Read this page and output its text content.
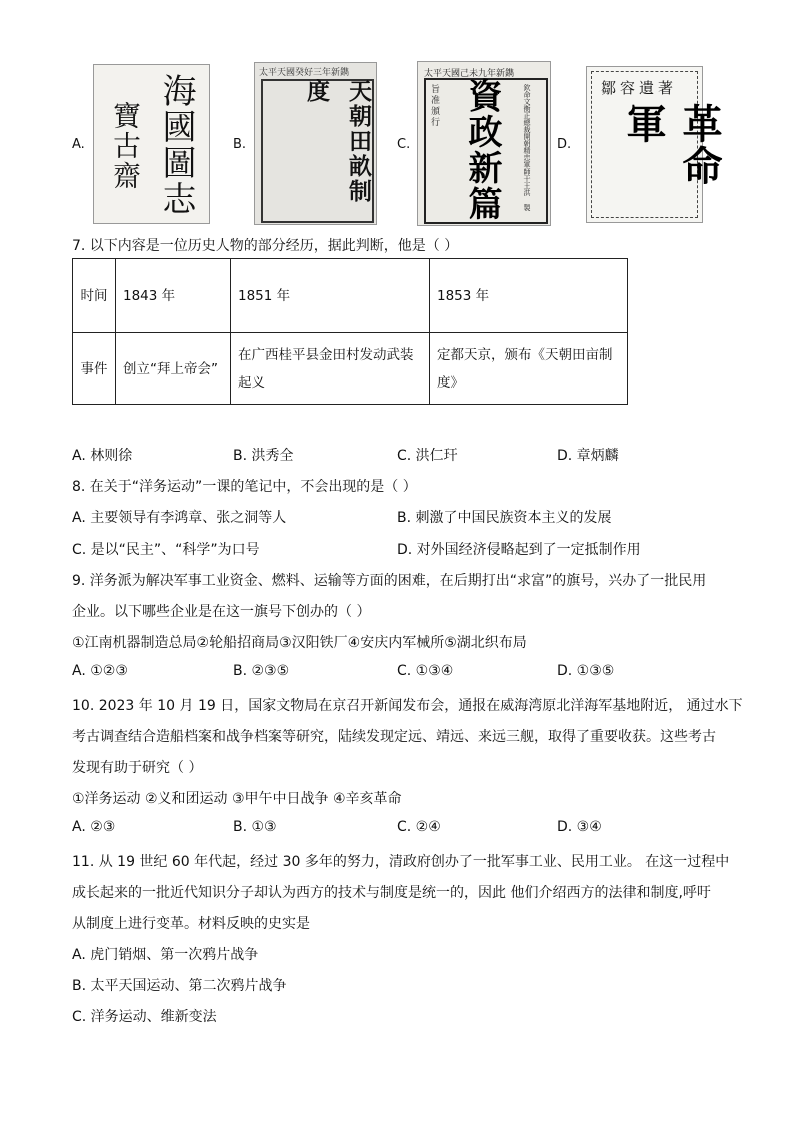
A. 海國圖志
寶古齋	B.
太平天國癸好三年新鐫
天朝田畝制度
C.
太平天國己未九年新鐫
旨准頒行 資政新篇	欽命文衡正總裁開朝精忠軍師干王洪 製 D.
鄒容遺著
革命軍
7. 以下内容是一位历史人物的部分经历，据此判断，他是（ ）
时间	1843 年	1851 年	1853 年
事件	创立“拜上帝会”	在广西桂平县金田村发动武装起义	定都天京，颁布《天朝田亩制度》
A. 林则徐	B. 洪秀全	C. 洪仁玕	D. 章炳麟
8. 在关于“洋务运动”一课的笔记中，不会出现的是（ ）
A. 主要领导有李鸿章、张之洞等人	B. 刺激了中国民族资本主义的发展
C. 是以“民主”、“科学”为口号	D. 对外国经济侵略起到了一定抵制作用
9. 洋务派为解决军事工业资金、燃料、运输等方面的困难，在后期打出“求富”的旗号，兴办了一批民用
企业。以下哪些企业是在这一旗号下创办的（ ）
①江南机器制造总局②轮船招商局③汉阳铁厂④安庆内军械所⑤湖北织布局
A. ①②③	B. ②③⑤	C. ①③④	D. ①③⑤
10. 2023 年 10 月 19 日，国家文物局在京召开新闻发布会，通报在威海湾原北洋海军基地附近， 通过水下
考古调查结合造船档案和战争档案等研究，陆续发现定远、靖远、来远三舰，取得了重要收获。这些考古
发现有助于研究（ ）
①洋务运动 ②义和团运动 ③甲午中日战争 ④辛亥革命
A. ②③	B. ①③	C. ②④	D. ③④
11. 从 19 世纪 60 年代起，经过 30 多年的努力，清政府创办了一批军事工业、民用工业。 在这一过程中
成长起来的一批近代知识分子却认为西方的技术与制度是统一的，因此 他们介绍西方的法律和制度,呼吁
从制度上进行变革。材料反映的史实是
A. 虎门销烟、第一次鸦片战争
B. 太平天国运动、第二次鸦片战争
C. 洋务运动、维新变法
